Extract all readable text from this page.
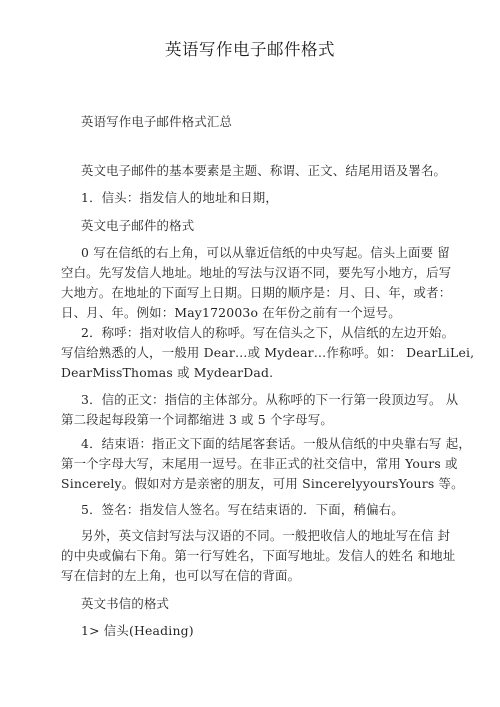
英语写作电子邮件格式
英语写作电子邮件格式汇总
英文电子邮件的基本要素是主题、称谓、正文、结尾用语及署名。
1．信头：指发信人的地址和日期，
英文电子邮件的格式
0 写在信纸的右上角，可以从靠近信纸的中央写起。信头上面要 留
空白。先写发信人地址。地址的写法与汉语不同，要先写小地方，后写
大地方。在地址的下面写上日期。日期的顺序是：月、日、年，或者：
日、月、年。例如：May172003o 在年份之前有一个逗号。
2．称呼：指对收信人的称呼。写在信头之下，从信纸的左边开始。
写信给熟悉的人，一般用 Dear…或 Mydear…作称呼。如： DearLiLei,
DearMissThomas 或 MydearDad.
3．信的正文：指信的主体部分。从称呼的下一行第一段顶边写。 从
第二段起每段第一个词都缩进 3 或 5 个字母写。
4．结束语：指正文下面的结尾客套话。一般从信纸的中央靠右写 起，
第一个字母大写，末尾用一逗号。在非正式的社交信中，常用 Yours 或
Sincerely。假如对方是亲密的朋友，可用 SincerelyyoursYours 等。
5．签名：指发信人签名。写在结束语的．下面，稍偏右。
另外，英文信封写法与汉语的不同。一般把收信人的地址写在信 封
的中央或偏右下角。第一行写姓名，下面写地址。发信人的姓名 和地址
写在信封的左上角，也可以写在信的背面。
英文书信的格式
1> 信头(Heading)
